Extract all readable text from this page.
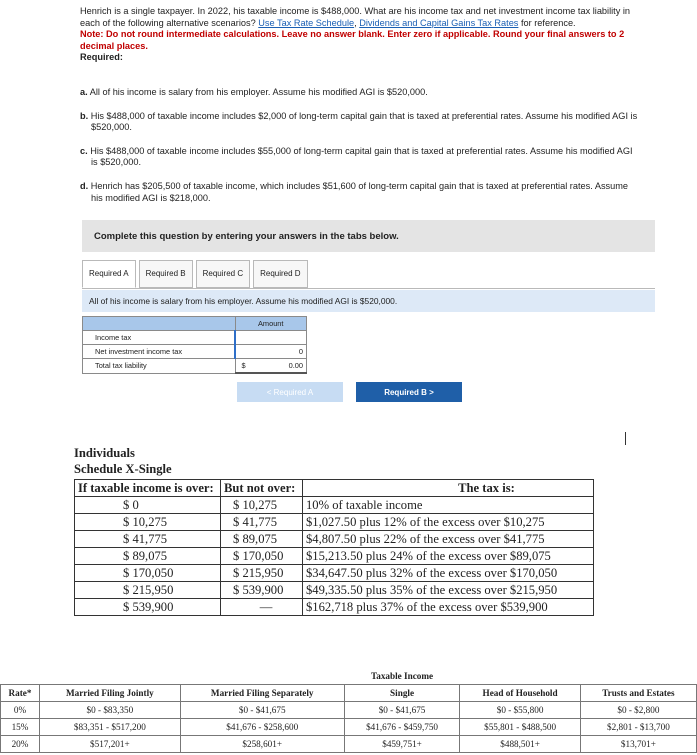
Henrich is a single taxpayer. In 2022, his taxable income is $488,000. What are his income tax and net investment income tax liability in each of the following alternative scenarios? Use Tax Rate Schedule, Dividends and Capital Gains Tax Rates for reference.
Note: Do not round intermediate calculations. Leave no answer blank. Enter zero if applicable. Round your final answers to 2 decimal places.
Required:
a. All of his income is salary from his employer. Assume his modified AGI is $520,000.
b. His $488,000 of taxable income includes $2,000 of long-term capital gain that is taxed at preferential rates. Assume his modified AGI is $520,000.
c. His $488,000 of taxable income includes $55,000 of long-term capital gain that is taxed at preferential rates. Assume his modified AGI is $520,000.
d. Henrich has $205,500 of taxable income, which includes $51,600 of long-term capital gain that is taxed at preferential rates. Assume his modified AGI is $218,000.
Complete this question by entering your answers in the tabs below.
Required A	Required B	Required C	Required D
All of his income is salary from his employer. Assume his modified AGI is $520,000.
	Amount
Income tax	

Net investment income tax	0
Total tax liability	$ 0.00
< Required A	Required B >
Individuals
Schedule X-Single
If taxable income is over:	But not over:	The tax is:
$ 0	$ 10,275	10% of taxable income
$ 10,275	$ 41,775	$1,027.50 plus 12% of the excess over $10,275
$ 41,775	$ 89,075	$4,807.50 plus 22% of the excess over $41,775
$ 89,075	$ 170,050	$15,213.50 plus 24% of the excess over $89,075
$ 170,050	$ 215,950	$34,647.50 plus 32% of the excess over $170,050
$ 215,950	$ 539,900	$49,335.50 plus 35% of the excess over $215,950
$ 539,900	—	$162,718 plus 37% of the excess over $539,900
			Taxable Income		
Rate*	Married Filing Jointly	Married Filing Separately	Single	Head of Household	Trusts and Estates
0%	$0 - $83,350	$0 - $41,675	$0 - $41,675	$0 - $55,800	$0 - $2,800
15%	$83,351 - $517,200	$41,676 - $258,600	$41,676 - $459,750	$55,801 - $488,500	$2,801 - $13,700
20%	$517,201+	$258,601+	$459,751+	$488,501+	$13,701+
